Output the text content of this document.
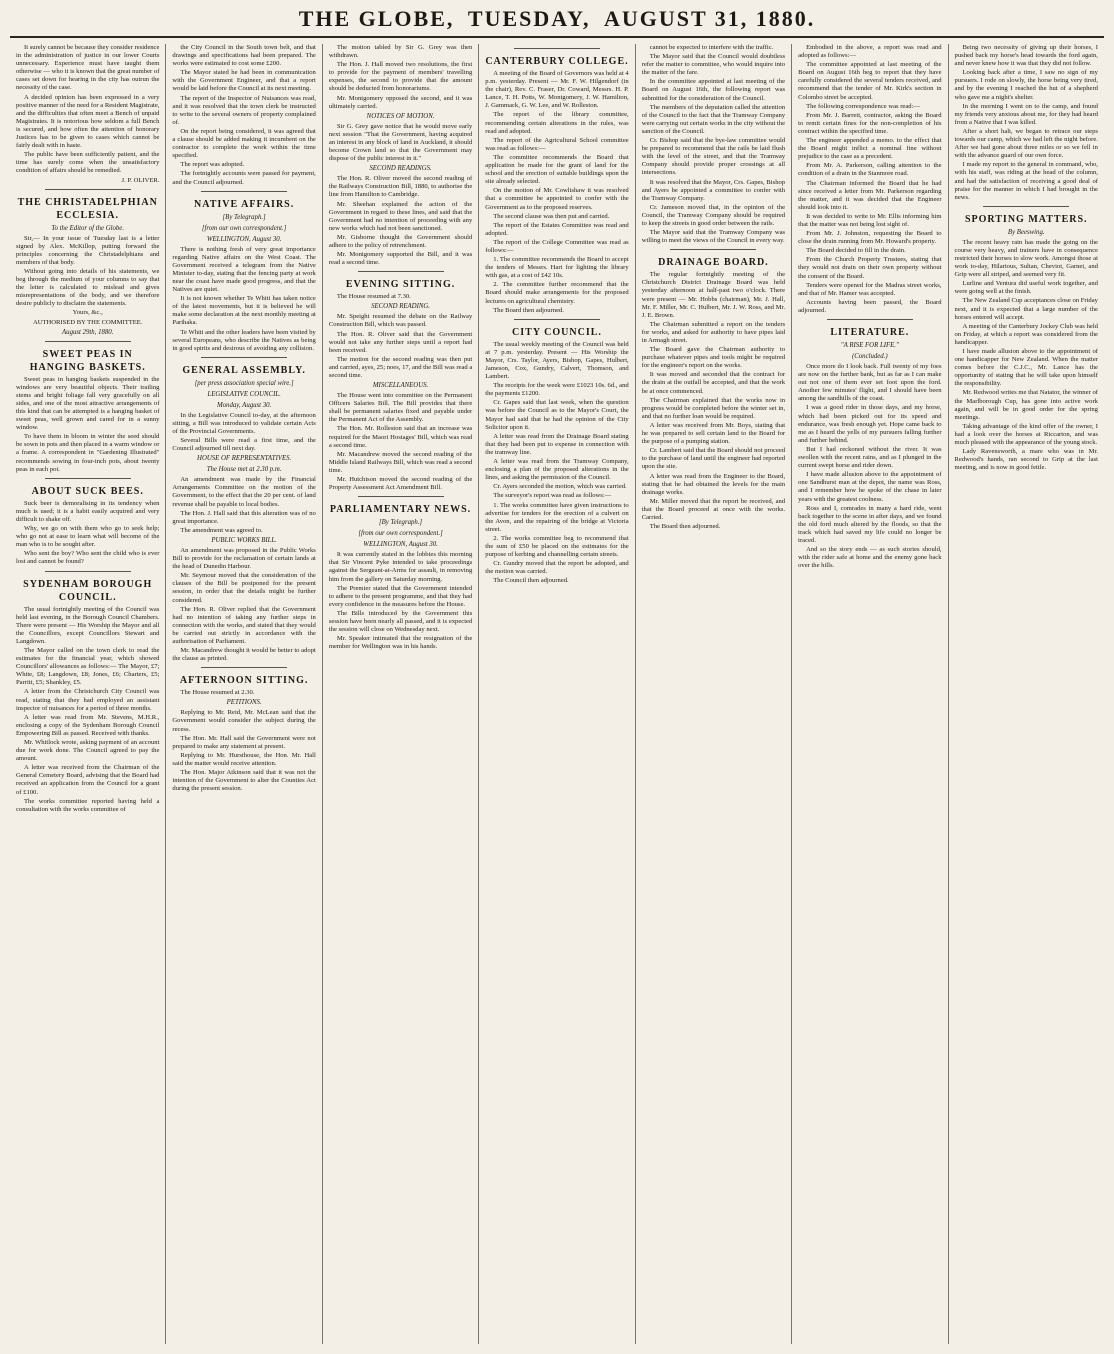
THE GLOBE, TUESDAY, AUGUST 31, 1880.

It surely cannot be because they consider residence in the administration of justice in our lower Courts unnecessary. Experience must have taught them otherwise — who it is known that the great number of cases set down for hearing in the city has outrun the necessity of the case.

A decided opinion has been expressed in a very positive manner of the need for a Resident Magistrate, and the difficulties that often meet a Bench of unpaid Magistrates. It is notorious how seldom a full Bench is secured, and how often the attention of honorary Justices has to be given to cases which cannot be fairly dealt with in haste.

The public have been sufficiently patient, and the time has surely come when the unsatisfactory condition of affairs should be remedied.

J. P. OLIVER.
THE CHRISTADELPHIAN ECCLESIA.
To the Editor of the Globe.

Sir,— In your issue of Tuesday last is a letter signed by Alex. McKillop, putting forward the principles concerning the Christadelphians and members of that body.

Without going into details of his statements, we beg through the medium of your columns to say that the letter is calculated to mislead and gives misrepresentations of the body, and we therefore desire publicly to disclaim the statements.

Yours, &c.,
AUTHORISED BY THE COMMITTEE.
August 29th, 1880.
SWEET PEAS IN HANGING BASKETS.

Sweet peas in hanging baskets suspended in the windows are very beautiful objects. Their trailing stems and bright foliage fall very gracefully on all sides, and one of the most attractive arrangements of this kind that can be attempted is a hanging basket of sweet peas, well grown and cared for in a sunny window.

To have them in bloom in winter the seed should be sown in pots and then placed in a warm window or a frame. A correspondent in "Gardening Illustrated" recommends sowing in four-inch pots, about twenty peas in each pot.

ABOUT SUCK BEES.

Suck beer is demoralising in its tendency when much is used; it is a habit easily acquired and very difficult to shake off.

Why, we go on with them who go to seek help; who go not at ease to learn what will become of the man who is to be sought after.

Who sent the boy? Who sent the child who is ever lost and cannot be found?

SYDENHAM BOROUGH COUNCIL.

The usual fortnightly meeting of the Council was held last evening, in the Borough Council Chambers. There were present — His Worship the Mayor and all the Councillors, except Councillors Stewart and Langdown.

The Mayor called on the town clerk to read the estimates for the financial year, which showed Councillors' allowances as follows:— The Mayor, £7; White, £8; Langdown, £8; Jones, £6; Charters, £5; Parritt, £5; Shankley, £5.

A letter from the Christchurch City Council was read, stating that they had employed an assistant inspector of nuisances for a period of three months.

A letter was read from Mr. Stevens, M.H.R., enclosing a copy of the Sydenham Borough Council Empowering Bill as passed. Received with thanks.

Mr. Whitlock wrote, asking payment of an account due for work done. The Council agreed to pay the amount.

A letter was received from the Chairman of the General Cemetery Board, advising that the Board had received an application from the Council for a grant of £100.

The works committee reported having held a consultation with the works committee of

the City Council in the South town belt, and that drawings and specifications had been prepared. The works were estimated to cost some £200.

The Mayor stated he had been in communication with the Government Engineer, and that a report would be laid before the Council at its next meeting.

The report of the Inspector of Nuisances was read, and it was resolved that the town clerk be instructed to write to the several owners of property complained of.

On the report being considered, it was agreed that a clause should be added making it incumbent on the contractor to complete the work within the time specified.

The report was adopted.

The fortnightly accounts were passed for payment, and the Council adjourned.

NATIVE AFFAIRS.
[By Telegraph.]
[from our own correspondent.]
WELLINGTON, August 30.

There is nothing fresh of very great importance regarding Native affairs on the West Coast. The Government received a telegram from the Native Minister to-day, stating that the fencing party at work near the coast have made good progress, and that the Natives are quiet.

It is not known whether Te Whiti has taken notice of the latest movements, but it is believed he will make some declaration at the next monthly meeting at Parihaka.

Te Whiti and the other leaders have been visited by several Europeans, who describe the Natives as being in good spirits and desirous of avoiding any collision.

GENERAL ASSEMBLY.
[per press association special wire.]
LEGISLATIVE COUNCIL.
Monday, August 30.

In the Legislative Council to-day, at the afternoon sitting, a Bill was introduced to validate certain Acts of the Provincial Governments.

Several Bills were read a first time, and the Council adjourned till next day.

HOUSE OF REPRESENTATIVES.
The House met at 2.30 p.m.

An amendment was made by the Financial Arrangements Committee on the motion of the Government, to the effect that the 20 per cent. of land revenue shall be payable to local bodies.

The Hon. J. Hall said that this alteration was of no great importance.

The amendment was agreed to.

PUBLIC WORKS BILL.

An amendment was proposed in the Public Works Bill to provide for the reclamation of certain lands at the head of Dunedin Harbour.

Mr. Seymour moved that the consideration of the clauses of the Bill be postponed for the present session, in order that the details might be further considered.

The Hon. R. Oliver replied that the Government had no intention of taking any further steps in connection with the works, and stated that they would be carried out strictly in accordance with the authorisation of Parliament.

Mr. Macandrew thought it would be better to adopt the clause as printed.

AFTERNOON SITTING.

The House resumed at 2.30.

PETITIONS.

Replying to Mr. Reid, Mr. McLean said that the Government would consider the subject during the recess.

The Hon. Mr. Hall said the Government were not prepared to make any statement at present.

Replying to Mr. Hursthouse, the Hon. Mr. Hall said the matter would receive attention.

The Hon. Major Atkinson said that it was not the intention of the Government to alter the Counties Act during the present session.

The motion tabled by Sir G. Grey was then withdrawn.

The Hon. J. Hall moved two resolutions, the first to provide for the payment of members' travelling expenses, the second to provide that the amount should be deducted from honorariums.

Mr. Montgomery opposed the second, and it was ultimately carried.

NOTICES OF MOTION.

Sir G. Grey gave notice that he would move early next session "That the Government, having acquired an interest in any block of land in Auckland, it should become Crown land so that the Government may dispose of the public interest in it."

SECOND READINGS.

The Hon. R. Oliver moved the second reading of the Railways Construction Bill, 1880, to authorise the line from Hamilton to Cambridge.

Mr. Sheehan explained the action of the Government in regard to these lines, and said that the Government had no intention of proceeding with any new works which had not been sanctioned.

Mr. Gisborne thought the Government should adhere to the policy of retrenchment.

Mr. Montgomery supported the Bill, and it was read a second time.

EVENING SITTING.

The House resumed at 7.30.

SECOND READING.

Mr. Speight resumed the debate on the Railway Construction Bill, which was passed.

The Hon. R. Oliver said that the Government would not take any further steps until a report had been received.

The motion for the second reading was then put and carried, ayes, 25; noes, 17, and the Bill was read a second time.

MISCELLANEOUS.

The House went into committee on the Permanent Officers Salaries Bill. The Bill provides that there shall be permanent salaries fixed and payable under the Permanent Act of the Assembly.

The Hon. Mr. Rolleston said that an increase was required for the Maori Hostages' Bill, which was read a second time.

Mr. Macandrew moved the second reading of the Middle Island Railways Bill, which was read a second time.

Mr. Hutchison moved the second reading of the Property Assessment Act Amendment Bill.

PARLIAMENTARY NEWS.
[By Telegraph.]
[from our own correspondent.]
WELLINGTON, August 30.

It was currently stated in the lobbies this morning that Sir Vincent Pyke intended to take proceedings against the Sergeant-at-Arms for assault, in removing him from the gallery on Saturday morning.

The Premier stated that the Government intended to adhere to the present programme, and that they had every confidence in the measures before the House.

The Bills introduced by the Government this session have been nearly all passed, and it is expected the session will close on Wednesday next.

Mr. Speaker intimated that the resignation of the member for Wellington was in his hands.

CANTERBURY COLLEGE.

A meeting of the Board of Governors was held at 4 p.m. yesterday. Present — Mr. F. W. Hilgendorf (in the chair), Rev. C. Fraser, Dr. Coward, Messrs. H. P. Lance, T. H. Potts, W. Montgomery, J. W. Hamilton, J. Gammack, G. W. Lee, and W. Rolleston.

The report of the library committee, recommending certain alterations in the rules, was read and adopted.

The report of the Agricultural School committee was read as follows:—

The committee recommends the Board that application be made for the grant of land for the school and the erection of suitable buildings upon the site already selected.

On the motion of Mr. Cowlishaw it was resolved that a committee be appointed to confer with the Government as to the proposed reserves.

The second clause was then put and carried.

The report of the Estates Committee was read and adopted.

The report of the College Committee was read as follows:—

1. The committee recommends the Board to accept the tenders of Messrs. Hart for lighting the library with gas, at a cost of £42 10s.

2. The committee further recommend that the Board should make arrangements for the proposed lectures on agricultural chemistry.

The Board then adjourned.

CITY COUNCIL.

The usual weekly meeting of the Council was held at 7 p.m. yesterday. Present — His Worship the Mayor, Crs. Taylor, Ayers, Bishop, Gapes, Hulbert, Jameson, Cox, Gundry, Calvert, Thomson, and Lambert.

The receipts for the week were £1023 10s. 6d., and the payments £1200.

Cr. Gapes said that last week, when the question was before the Council as to the Mayor's Court, the Mayor had said that he had the opinion of the City Solicitor upon it.

A letter was read from the Drainage Board stating that they had been put to expense in connection with the tramway line.

A letter was read from the Tramway Company, enclosing a plan of the proposed alterations in the lines, and asking the permission of the Council.

Cr. Ayers seconded the motion, which was carried.

The surveyor's report was read as follows:—

1. The works committee have given instructions to advertise for tenders for the erection of a culvert on the Avon, and the repairing of the bridge at Victoria street.

2. The works committee beg to recommend that the sum of £50 be placed on the estimates for the purpose of kerbing and channelling certain streets.

Cr. Gundry moved that the report be adopted, and the motion was carried.

The Council then adjourned.

cannot be expected to interfere with the traffic.

The Mayor said that the Council would doubtless refer the matter to committee, who would inquire into the matter of the fare.

In the committee appointed at last meeting of the Board on August 16th, the following report was submitted for the consideration of the Council.

The members of the deputation called the attention of the Council to the fact that the Tramway Company were carrying out certain works in the city without the sanction of the Council.

Cr. Bishop said that the bye-law committee would be prepared to recommend that the rails be laid flush with the level of the street, and that the Tramway Company should provide proper crossings at all intersections.

It was resolved that the Mayor, Crs. Gapes, Bishop and Ayers be appointed a committee to confer with the Tramway Company.

Cr. Jameson moved that, in the opinion of the Council, the Tramway Company should be required to keep the streets in good order between the rails.

The Mayor said that the Tramway Company was willing to meet the views of the Council in every way.

DRAINAGE BOARD.

The regular fortnightly meeting of the Christchurch District Drainage Board was held yesterday afternoon at half-past two o'clock. There were present — Mr. Hobbs (chairman), Mr. J. Hall, Mr. F. Miller, Mr. C. Hulbert, Mr. J. W. Ross, and Mr. J. E. Brown.

The Chairman submitted a report on the tenders for works, and asked for authority to have pipes laid in Armagh street.

The Board gave the Chairman authority to purchase whatever pipes and tools might be required for the engineer's report on the works.

It was moved and seconded that the contract for the drain at the outfall be accepted, and that the work be at once commenced.

The Chairman explained that the works now in progress would be completed before the winter set in, and that no further loan would be required.

A letter was received from Mr. Boys, stating that he was prepared to sell certain land to the Board for the purpose of a pumping station.

Cr. Lambert said that the Board should not proceed to the purchase of land until the engineer had reported upon the site.

A letter was read from the Engineer to the Board, stating that he had obtained the levels for the main drainage works.

Mr. Miller moved that the report be received, and that the Board proceed at once with the works. Carried.

The Board then adjourned.

Embodied in the above, a report was read and adopted as follows:—

The committee appointed at last meeting of the Board on August 16th beg to report that they have carefully considered the several tenders received, and recommend that the tender of Mr. Kirk's section in Colombo street be accepted.

The following correspondence was read:—

From Mr. J. Barrett, contractor, asking the Board to remit certain fines for the non-completion of his contract within the specified time.

The engineer appended a memo. to the effect that the Board might inflict a nominal fine without prejudice to the case as a precedent.

From Mr. A. Parkerson, calling attention to the condition of a drain in the Stanmore road.

The Chairman informed the Board that he had since received a letter from Mr. Parkerson regarding the matter, and it was decided that the Engineer should look into it.

It was decided to write to Mr. Ellis informing him that the matter was not being lost sight of.

From Mr. J. Johnston, requesting the Board to close the drain running from Mr. Howard's property.

The Board decided to fill in the drain.

From the Church Property Trustees, stating that they would not drain on their own property without the consent of the Board.

Tenders were opened for the Madras street works, and that of Mr. Hamer was accepted.

Accounts having been passed, the Board adjourned.

LITERATURE.
"A RISE FOR LIFE."
(Concluded.)

Once more do I look back. Full twenty of my foes are now on the further bank, but as far as I can make out not one of them ever set foot upon the ford. Another few minutes' flight, and I should have been among the sandhills of the coast.

I was a good rider in those days, and my horse, which had been picked out for its speed and endurance, was fresh enough yet. Hope came back to me as I heard the yells of my pursuers falling further and further behind.

But I had reckoned without the river. It was swollen with the recent rains, and as I plunged in the current swept horse and rider down.

I have made allusion above to the appointment of one Sandhurst man at the depot, the name was Ross, and I remember how he spoke of the chase in later years with the greatest coolness.

Ross and I, comrades in many a hard ride, went back together to the scene in after days, and we found the old ford much altered by the floods, so that the track which had saved my life could no longer be traced.

And so the story ends — as such stories should, with the rider safe at home and the enemy gone back over the hills.

Being two necessity of giving up their horses, I pushed back my horse's head towards the ford again, and never knew how it was that they did not follow.

Looking back after a time, I saw no sign of my pursuers. I rode on slowly, the horse being very tired, and by the evening I reached the hut of a shepherd who gave me a night's shelter.

In the morning I went on to the camp, and found my friends very anxious about me, for they had heard from a Native that I was killed.

After a short halt, we began to retrace our steps towards our camp, which we had left the night before. After we had gone about three miles or so we fell in with the advance guard of our own force.

I made my report to the general in command, who, with his staff, was riding at the head of the column, and had the satisfaction of receiving a good deal of praise for the manner in which I had brought in the news.

SPORTING MATTERS.
By Beeswing.

The recent heavy rain has made the going on the course very heavy, and trainers have in consequence restricted their horses to slow work. Amongst those at work to-day, Hilarious, Sultan, Cheviot, Garnet, and Grip were all striped, and seemed very fit.

Lurline and Ventura did useful work together, and were going well at the finish.

The New Zealand Cup acceptances close on Friday next, and it is expected that a large number of the horses entered will accept.

A meeting of the Canterbury Jockey Club was held on Friday, at which a report was considered from the handicapper.

I have made allusion above to the appointment of one handicapper for New Zealand. When the matter comes before the C.J.C., Mr. Lance has the opportunity of stating that he will take upon himself the responsibility.

Mr. Redwood writes me that Natator, the winner of the Marlborough Cup, has gone into active work again, and will be in good order for the spring meetings.

Taking advantage of the kind offer of the owner, I had a look over the horses at Riccarton, and was much pleased with the appearance of the young stock.

Lady Ravensworth, a mare who was in Mr. Redwood's hands, ran second to Grip at the last meeting, and is now in good fettle.
